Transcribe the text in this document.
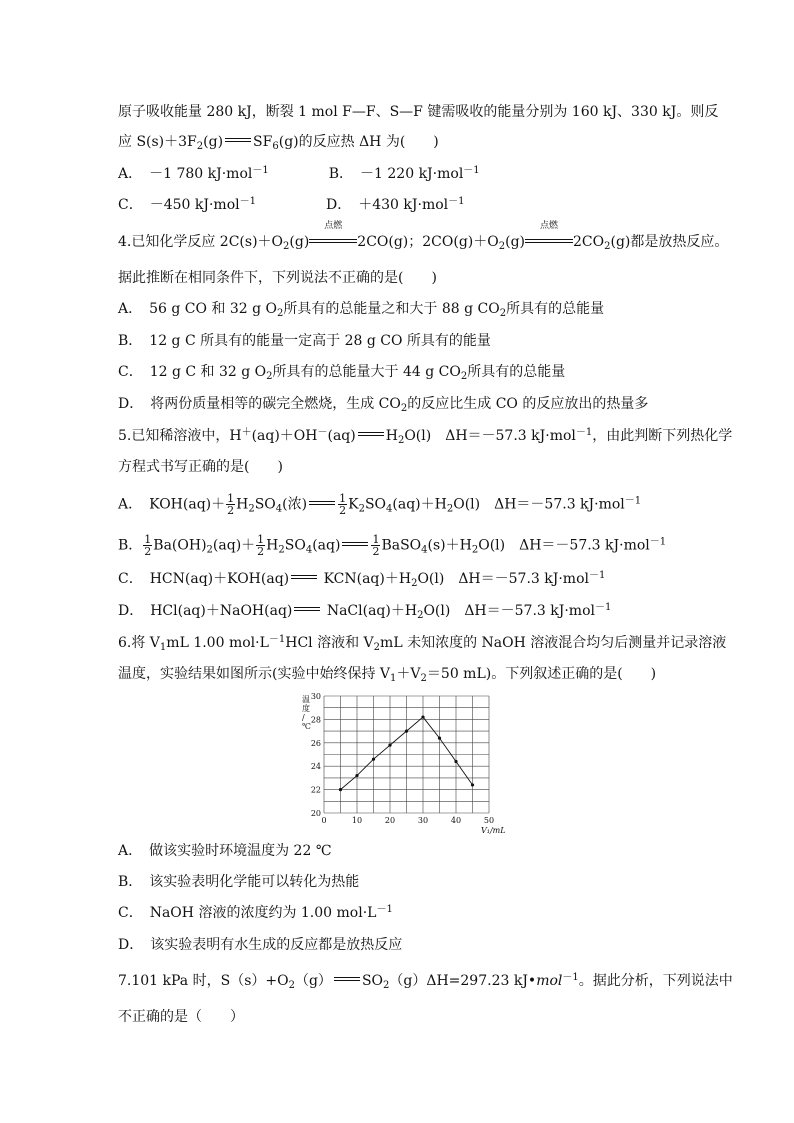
原子吸收能量 280 kJ，断裂 1 mol F—F、S—F 键需吸收的能量分别为 160 kJ、330 kJ。则反
应 $S(s)+3F_2(g)$ $SF_6(g)$的反应热 ΔH 为(　　)
A．　－1 780 kJ·mol$^{-1}$	B．　－1 220 kJ·mol$^{-1}$
C．　－450 kJ·mol$^{-1}$	D．　＋430 kJ·mol$^{-1}$
4.已知化学反应 $2C(s)+O_2(g)$
点燃
2CO(g)；$2CO(g)+O_2(g)$
点燃
$2CO_2(g)$都是放热反应。
据此推断在相同条件下，下列说法不正确的是(　　)
A．　56 g CO 和 32 g $O_2$所具有的总能量之和大于 88 g $CO_2$所具有的总能量
B．　12 g C 所具有的能量一定高于 28 g CO 所具有的能量
C．　12 g C 和 32 g $O_2$所具有的总能量大于 44 g $CO_2$所具有的总能量
D．　将两份质量相等的碳完全燃烧，生成 $CO_2$的反应比生成 CO 的反应放出的热量多
5.已知稀溶液中，H＋(aq)＋OH－(aq) $H_2O(l)$　ΔH＝－57.3 kJ·mol$^{-1}$，由此判断下列热化学
方程式书写正确的是(　　)
A．　$KOH(aq)+ \frac{1}{2} H_2SO_4$(浓)	$\frac{1}{2} K_2SO_4(aq)+H_2O(l)$　ΔH＝－57.3 kJ·mol$^{-1}$
B． $\frac{1}{2} Ba(OH)_2(aq)+ \frac{1}{2} H_2SO_4(aq)$	$\frac{1}{2}$ $BaSO_4(s)+H_2O(l)$　ΔH＝－57.3 kJ·mol$^{-1}$
C．　HCN(aq)＋KOH(aq) $KCN(aq)+H_2O(l)$　ΔH＝－57.3 kJ·mol$^{-1}$
D．　HCl(aq)＋NaOH(aq) $NaCl(aq)+H_2O(l)$　ΔH＝－57.3 kJ·mol$^{-1}$
6.将 $V_1mL$ 1.00 $mol\cdot L^{-1}HCl$ 溶液和 $V_2mL$ 未知浓度的 NaOH 溶液混合均匀后测量并记录溶液
温度，实验结果如图所示(实验中始终保持 $V_1+V_2=50$ mL)。下列叙述正确的是(　　)
0	10	20	30	40	50
20
22
24
26
28
30
温度/ ℃
V₁/mL
A．　做该实验时环境温度为 22 ℃
B．　该实验表明化学能可以转化为热能
C．　NaOH 溶液的浓度约为 1.00 $mol\cdot L^{-1}$
D．　该实验表明有水生成的反应都是放热反应
7.101 kPa 时，$S(s)+O_2(g)$ $SO_2(g)\Delta H=297.23$ kJ•mol$^{-1}$。据此分析，下列说法中
不正确的是（　　）
